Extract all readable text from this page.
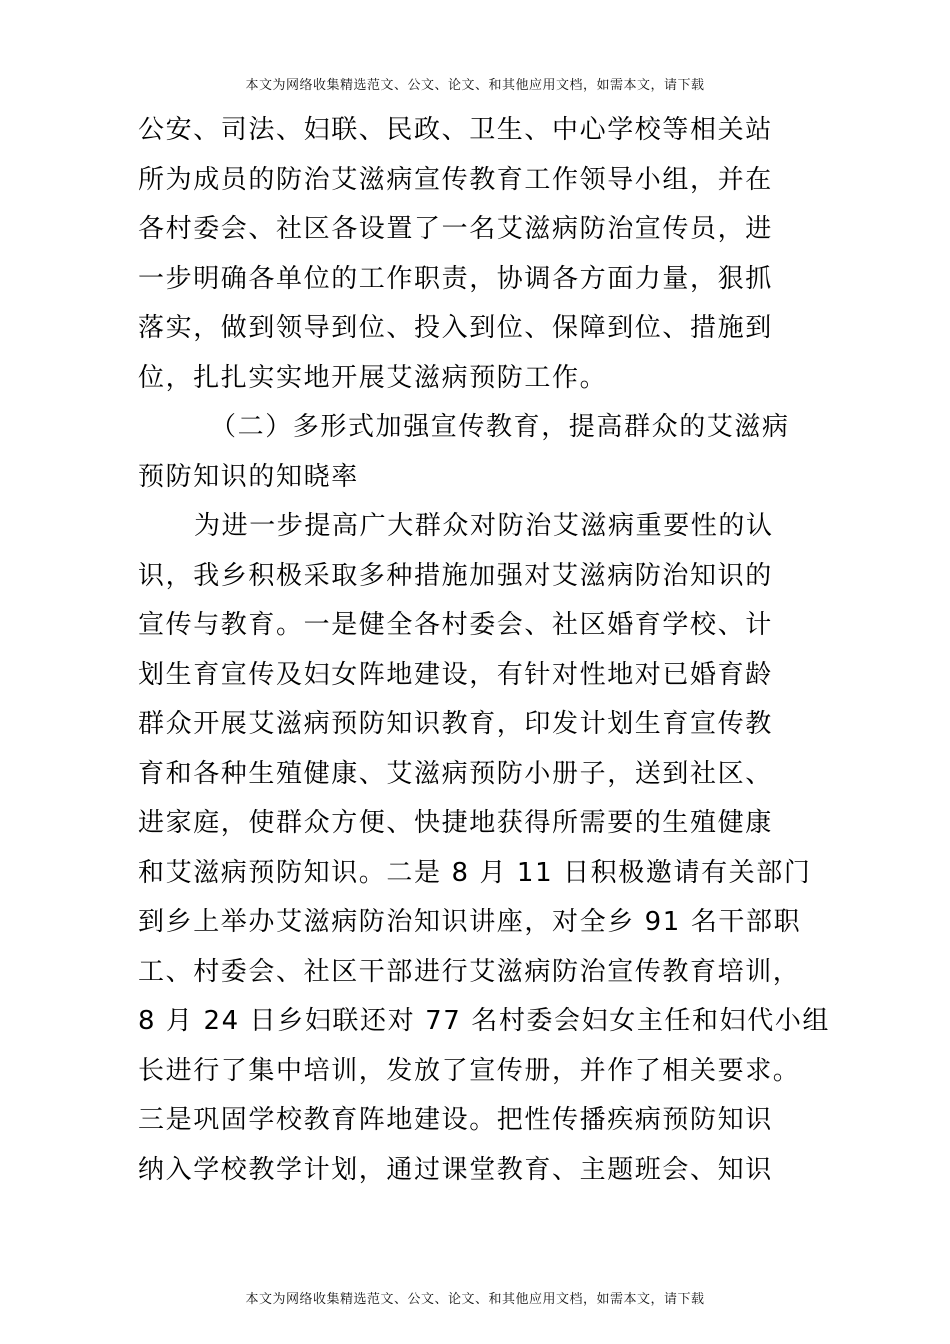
本文为网络收集精选范文、公文、论文、和其他应用文档，如需本文，请下载
公安、司法、妇联、民政、卫生、中心学校等相关站
所为成员的防治艾滋病宣传教育工作领导小组，并在
各村委会、社区各设置了一名艾滋病防治宣传员，进
一步明确各单位的工作职责，协调各方面力量，狠抓
落实，做到领导到位、投入到位、保障到位、措施到
位，扎扎实实地开展艾滋病预防工作。
（二）多形式加强宣传教育，提高群众的艾滋病
预防知识的知晓率
为进一步提高广大群众对防治艾滋病重要性的认
识，我乡积极采取多种措施加强对艾滋病防治知识的
宣传与教育。一是健全各村委会、社区婚育学校、计
划生育宣传及妇女阵地建设，有针对性地对已婚育龄
群众开展艾滋病预防知识教育，印发计划生育宣传教
育和各种生殖健康、艾滋病预防小册子，送到社区、
进家庭，使群众方便、快捷地获得所需要的生殖健康
和艾滋病预防知识。二是 8 月 11 日积极邀请有关部门
到乡上举办艾滋病防治知识讲座，对全乡 91 名干部职
工、村委会、社区干部进行艾滋病防治宣传教育培训，
8 月 24 日乡妇联还对 77 名村委会妇女主任和妇代小组
长进行了集中培训，发放了宣传册，并作了相关要求。
三是巩固学校教育阵地建设。把性传播疾病预防知识
纳入学校教学计划，通过课堂教育、主题班会、知识
本文为网络收集精选范文、公文、论文、和其他应用文档，如需本文，请下载
